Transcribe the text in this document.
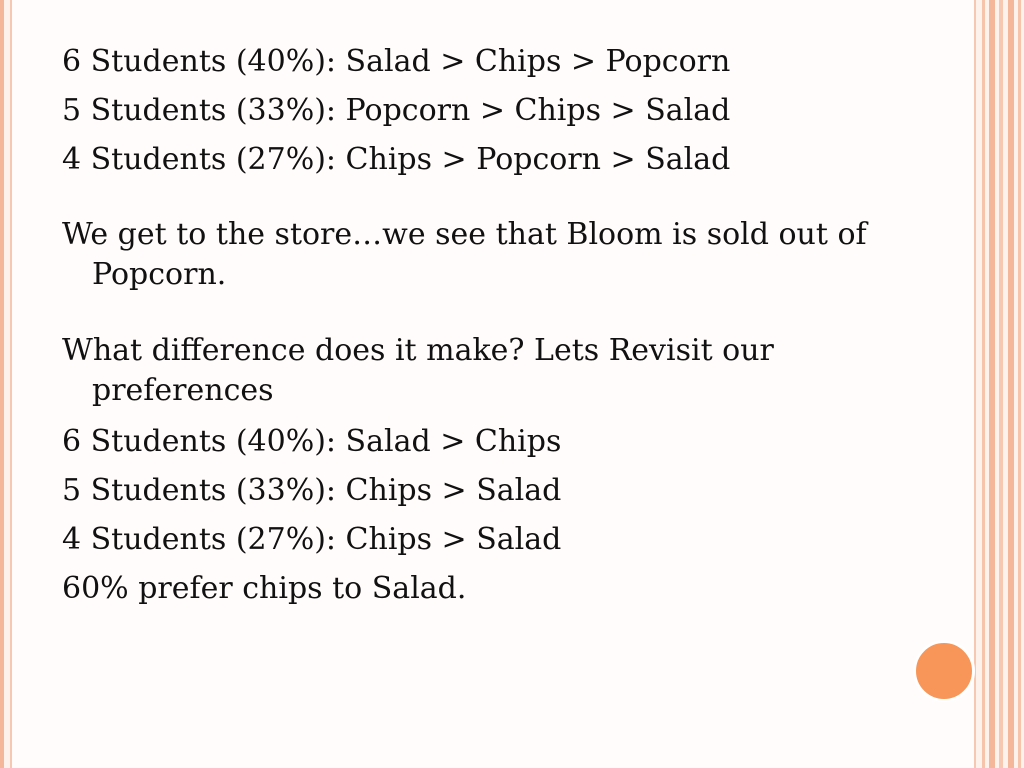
6 Students (40%): Salad > Chips > Popcorn

5 Students (33%): Popcorn > Chips > Salad

4 Students (27%): Chips > Popcorn > Salad

We get to the store…we see that Bloom is sold out of Popcorn.

What difference does it make? Lets Revisit our preferences

6 Students (40%): Salad > Chips

5 Students (33%): Chips > Salad

4 Students (27%): Chips > Salad

60% prefer chips to Salad.
